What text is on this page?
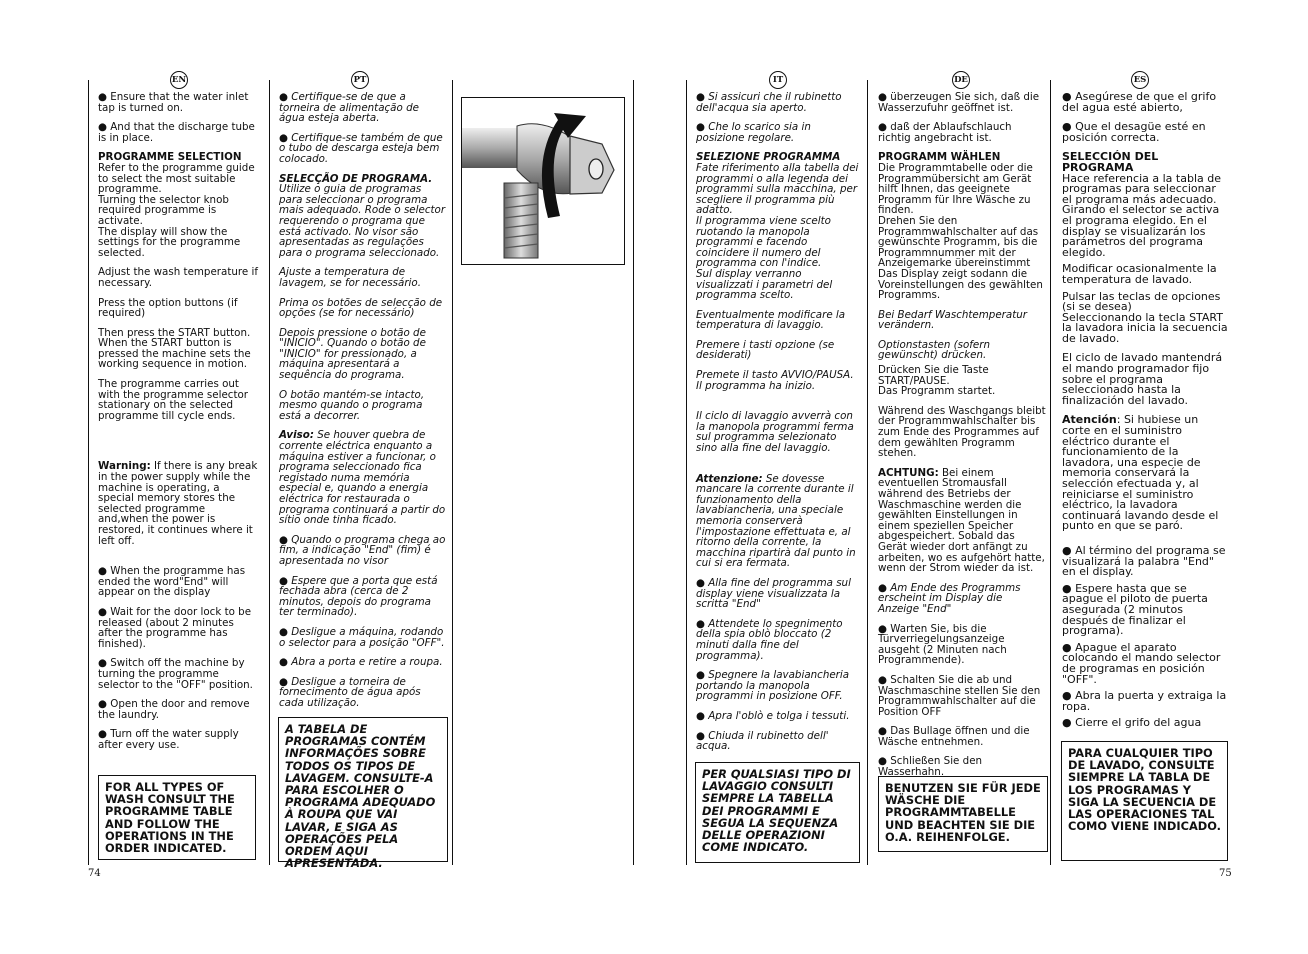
EN	PT	IT	DE	ES

● Ensure that the water inlet tap is turned on.

● And that the discharge tube is in place.

PROGRAMME SELECTION

Refer to the programme guide to select the most suitable programme.
Turning the selector knob required programme is activate.
The display will show the settings for the programme selected.

Adjust the wash temperature if necessary.

Press the option buttons (if required)

Then press the START button. When the START button is pressed the machine sets the working sequence in motion.

The programme carries out with the programme selector stationary on the selected programme till cycle ends.

Warning: If there is any break in the power supply while the machine is operating, a special memory stores the selected programme and,when the power is restored, it continues where it left off.

● When the programme has ended the word"End" will appear on the display

● Wait for the door lock to be released (about 2 minutes after the programme has finished).

● Switch off the machine by turning the programme selector to the "OFF" position.

● Open the door and remove the laundry.

● Turn off the water supply after every use.

FOR ALL TYPES OF WASH CONSULT THE PROGRAMME TABLE AND FOLLOW THE OPERATIONS IN THE ORDER INDICATED.

● Certifique-se de que a torneira de alimentação de água esteja aberta.

● Certifique-se também de que o tubo de descarga esteja bem colocado.

SELECÇÃO DE PROGRAMA.

Utilize o guia de programas para seleccionar o programa mais adequado. Rode o selector requerendo o programa que está activado. No visor são apresentadas as regulações para o programa seleccionado.

Ajuste a temperatura de lavagem, se for necessário.

Prima os botões de selecção de opções (se for necessário)

Depois pressione o botão de "INICIO". Quando o botão de "INICIO" for pressionado, a máquina apresentará a sequência do programa.

O botão mantém-se intacto, mesmo quando o programa está a decorrer.

Aviso: Se houver quebra de corrente eléctrica enquanto a máquina estiver a funcionar, o programa seleccionado fica registado numa memória especial e, quando a energia eléctrica for restaurada o programa continuará a partir do sítio onde tinha ficado.

● Quando o programa chega ao fim, a indicação "End" (fim) é apresentada no visor

● Espere que a porta que está fechada abra (cerca de 2 minutos, depois do programa ter terminado).

● Desligue a máquina, rodando o selector para a posição "OFF".

● Abra a porta e retire a roupa.

● Desligue a torneira de fornecimento de água após cada utilização.

A TABELA DE PROGRAMAS CONTÉM INFORMAÇÕES SOBRE TODOS OS TIPOS DE LAVAGEM. CONSULTE-A PARA ESCOLHER O PROGRAMA ADEQUADO À ROUPA QUE VAI LAVAR, E SIGA AS OPERAÇÕES PELA ORDEM AQUI APRESENTADA.

● Si assicuri che il rubinetto dell'acqua sia aperto.

● Che lo scarico sia in posizione regolare.

SELEZIONE PROGRAMMA

Fate riferimento alla tabella dei programmi o alla legenda dei programmi sulla macchina, per scegliere il programma più adatto.
Il programma viene scelto ruotando la manopola programmi e facendo coincidere il numero del programma con l'indice.
Sul display verranno visualizzati i parametri del programma scelto.

Eventualmente modificare la temperatura di lavaggio.

Premere i tasti opzione (se desiderati)

Premete il tasto AVVIO/PAUSA. Il programma ha inizio.

Il ciclo di lavaggio avverrà con la manopola programmi ferma sul programma selezionato sino alla fine del lavaggio.

Attenzione: Se dovesse mancare la corrente durante il funzionamento della lavabiancheria, una speciale memoria conserverà l'impostazione effettuata e, al ritorno della corrente, la macchina ripartirà dal punto in cui si era fermata.

● Alla fine del programma sul display viene visualizzata la scritta "End"

● Attendete lo spegnimento della spia oblò bloccato (2 minuti dalla fine del programma).

● Spegnere la lavabiancheria portando la manopola programmi in posizione OFF.

● Apra l'oblò e tolga i tessuti.

● Chiuda il rubinetto dell' acqua.

PER QUALSIASI TIPO DI LAVAGGIO CONSULTI SEMPRE LA TABELLA DEI PROGRAMMI E SEGUA LA SEQUENZA DELLE OPERAZIONI COME INDICATO.

● überzeugen Sie sich, daß die Wasserzufuhr geöffnet ist.

● daß der Ablaufschlauch richtig angebracht ist.

PROGRAMM WÄHLEN

Die Programmtabelle oder die Programmübersicht am Gerät hilft Ihnen, das geeignete Programm für Ihre Wäsche zu finden.
Drehen Sie den Programmwahlschalter auf das gewünschte Programm, bis die Programmnummer mit der Anzeigemarke übereinstimmt
Das Display zeigt sodann die Voreinstellungen des gewählten Programms.

Bei Bedarf Waschtemperatur verändern.

Optionstasten (sofern gewünscht) drücken.

Drücken Sie die Taste START/PAUSE.
Das Programm startet.

Während des Waschgangs bleibt der Programmwahlschalter bis zum Ende des Programmes auf dem gewählten Programm stehen.

ACHTUNG: Bei einem eventuellen Stromausfall während des Betriebs der Waschmaschine werden die gewählten Einstellungen in einem speziellen Speicher abgespeichert. Sobald das Gerät wieder dort anfängt zu arbeiten, wo es aufgehört hatte, wenn der Strom wieder da ist.

● Am Ende des Programms erscheint im Display die Anzeige "End"

● Warten Sie, bis die Türverriegelungsanzeige ausgeht (2 Minuten nach Programmende).

● Schalten Sie die ab und Waschmaschine stellen Sie den Programmwahlschalter auf die Position OFF

● Das Bullage öffnen und die Wäsche entnehmen.

● Schließen Sie den Wasserhahn.

BENUTZEN SIE FÜR JEDE WÄSCHE DIE PROGRAMMTABELLE UND BEACHTEN SIE DIE O.A. REIHENFOLGE.

● Asegúrese de que el grifo del agua esté abierto,

● Que el desagüe esté en posición correcta.

SELECCIÓN DEL PROGRAMA

Hace referencia a la tabla de programas para seleccionar el programa más adecuado.
Girando el selector se activa el programa elegido. En el display se visualizarán los parámetros del programa elegido.

Modificar ocasionalmente la temperatura de lavado.

Pulsar las teclas de opciones (si se desea)
Seleccionando la tecla START la lavadora inicia la secuencia de lavado.

El ciclo de lavado mantendrá el mando programador fijo sobre el programa seleccionado hasta la finalización del lavado.

Atención: Si hubiese un corte en el suministro eléctrico durante el funcionamiento de la lavadora, una especie de memoria conservará la selección efectuada y, al reiniciarse el suministro eléctrico, la lavadora continuará lavando desde el punto en que se paró.

● Al término del programa se visualizará la palabra "End" en el display.

● Espere hasta que se apague el piloto de puerta asegurada (2 minutos después de finalizar el programa).

● Apague el aparato colocando el mando selector de programas en posición "OFF".

● Abra la puerta y extraiga la ropa.

● Cierre el grifo del agua

PARA CUALQUIER TIPO DE LAVADO, CONSULTE SIEMPRE LA TABLA DE LOS PROGRAMAS Y SIGA LA SECUENCIA DE LAS OPERACIONES TAL COMO VIENE INDICADO.
74	75
